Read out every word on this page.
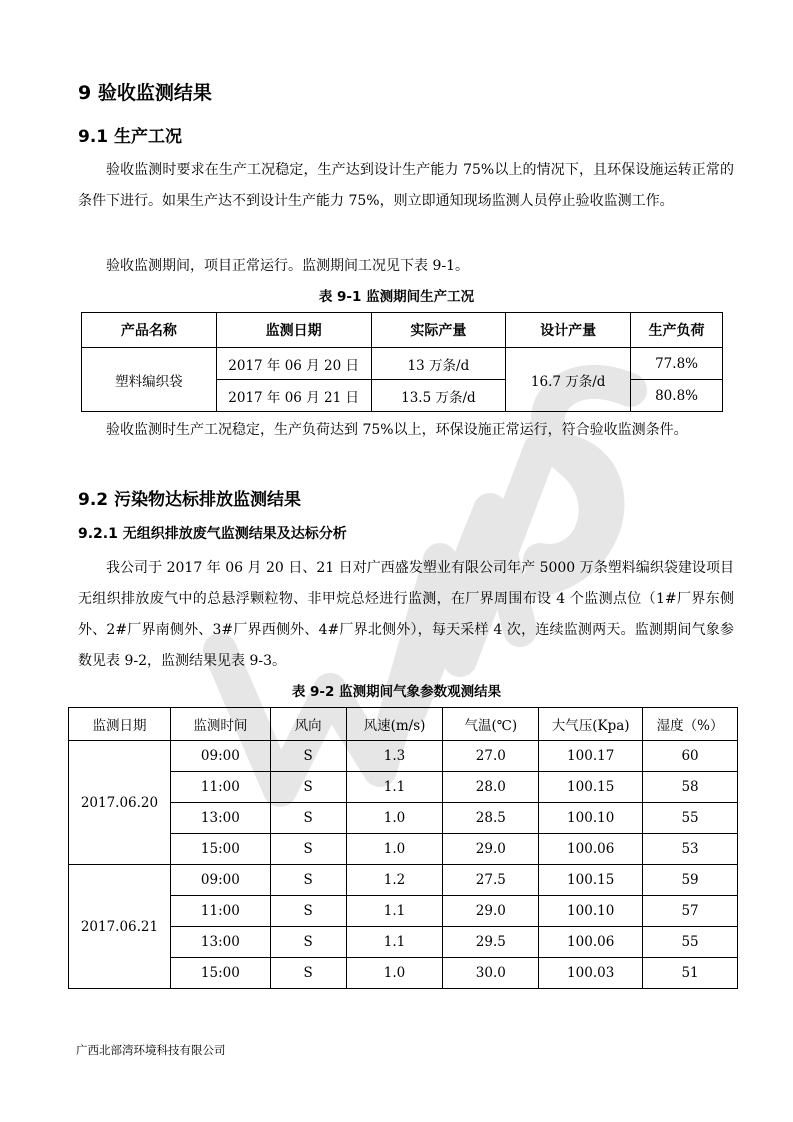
9 验收监测结果
9.1 生产工况
验收监测时要求在生产工况稳定，生产达到设计生产能力 75%以上的情况下，且环保设施运转正常的条件下进行。如果生产达不到设计生产能力 75%，则立即通知现场监测人员停止验收监测工作。
验收监测期间，项目正常运行。监测期间工况见下表 9-1。
表 9-1 监测期间生产工况
产品名称	监测日期	实际产量	设计产量	生产负荷
塑料编织袋	2017 年 06 月 20 日	13 万条/d	16.7 万条/d	77.8%
	2017 年 06 月 21 日	13.5 万条/d		80.8%
验收监测时生产工况稳定，生产负荷达到 75%以上，环保设施正常运行，符合验收监测条件。
9.2 污染物达标排放监测结果
9.2.1 无组织排放废气监测结果及达标分析
我公司于 2017 年 06 月 20 日、21 日对广西盛发塑业有限公司年产 5000 万条塑料编织袋建设项目无组织排放废气中的总悬浮颗粒物、非甲烷总烃进行监测，在厂界周围布设 4 个监测点位（1#厂界东侧外、2#厂界南侧外、3#厂界西侧外、4#厂界北侧外），每天采样 4 次，连续监测两天。监测期间气象参数见表 9-2，监测结果见表 9-3。
表 9-2 监测期间气象参数观测结果
监测日期	监测时间	风向	风速(m/s)	气温(℃)	大气压(Kpa)	湿度（%）
2017.06.20	09:00	S	1.3	27.0	100.17	60
	11:00	S	1.1	28.0	100.15	58
	13:00	S	1.0	28.5	100.10	55
	15:00	S	1.0	29.0	100.06	53
2017.06.21	09:00	S	1.2	27.5	100.15	59
	11:00	S	1.1	29.0	100.10	57
	13:00	S	1.1	29.5	100.06	55
	15:00	S	1.0	30.0	100.03	51
广西北部湾环境科技有限公司
